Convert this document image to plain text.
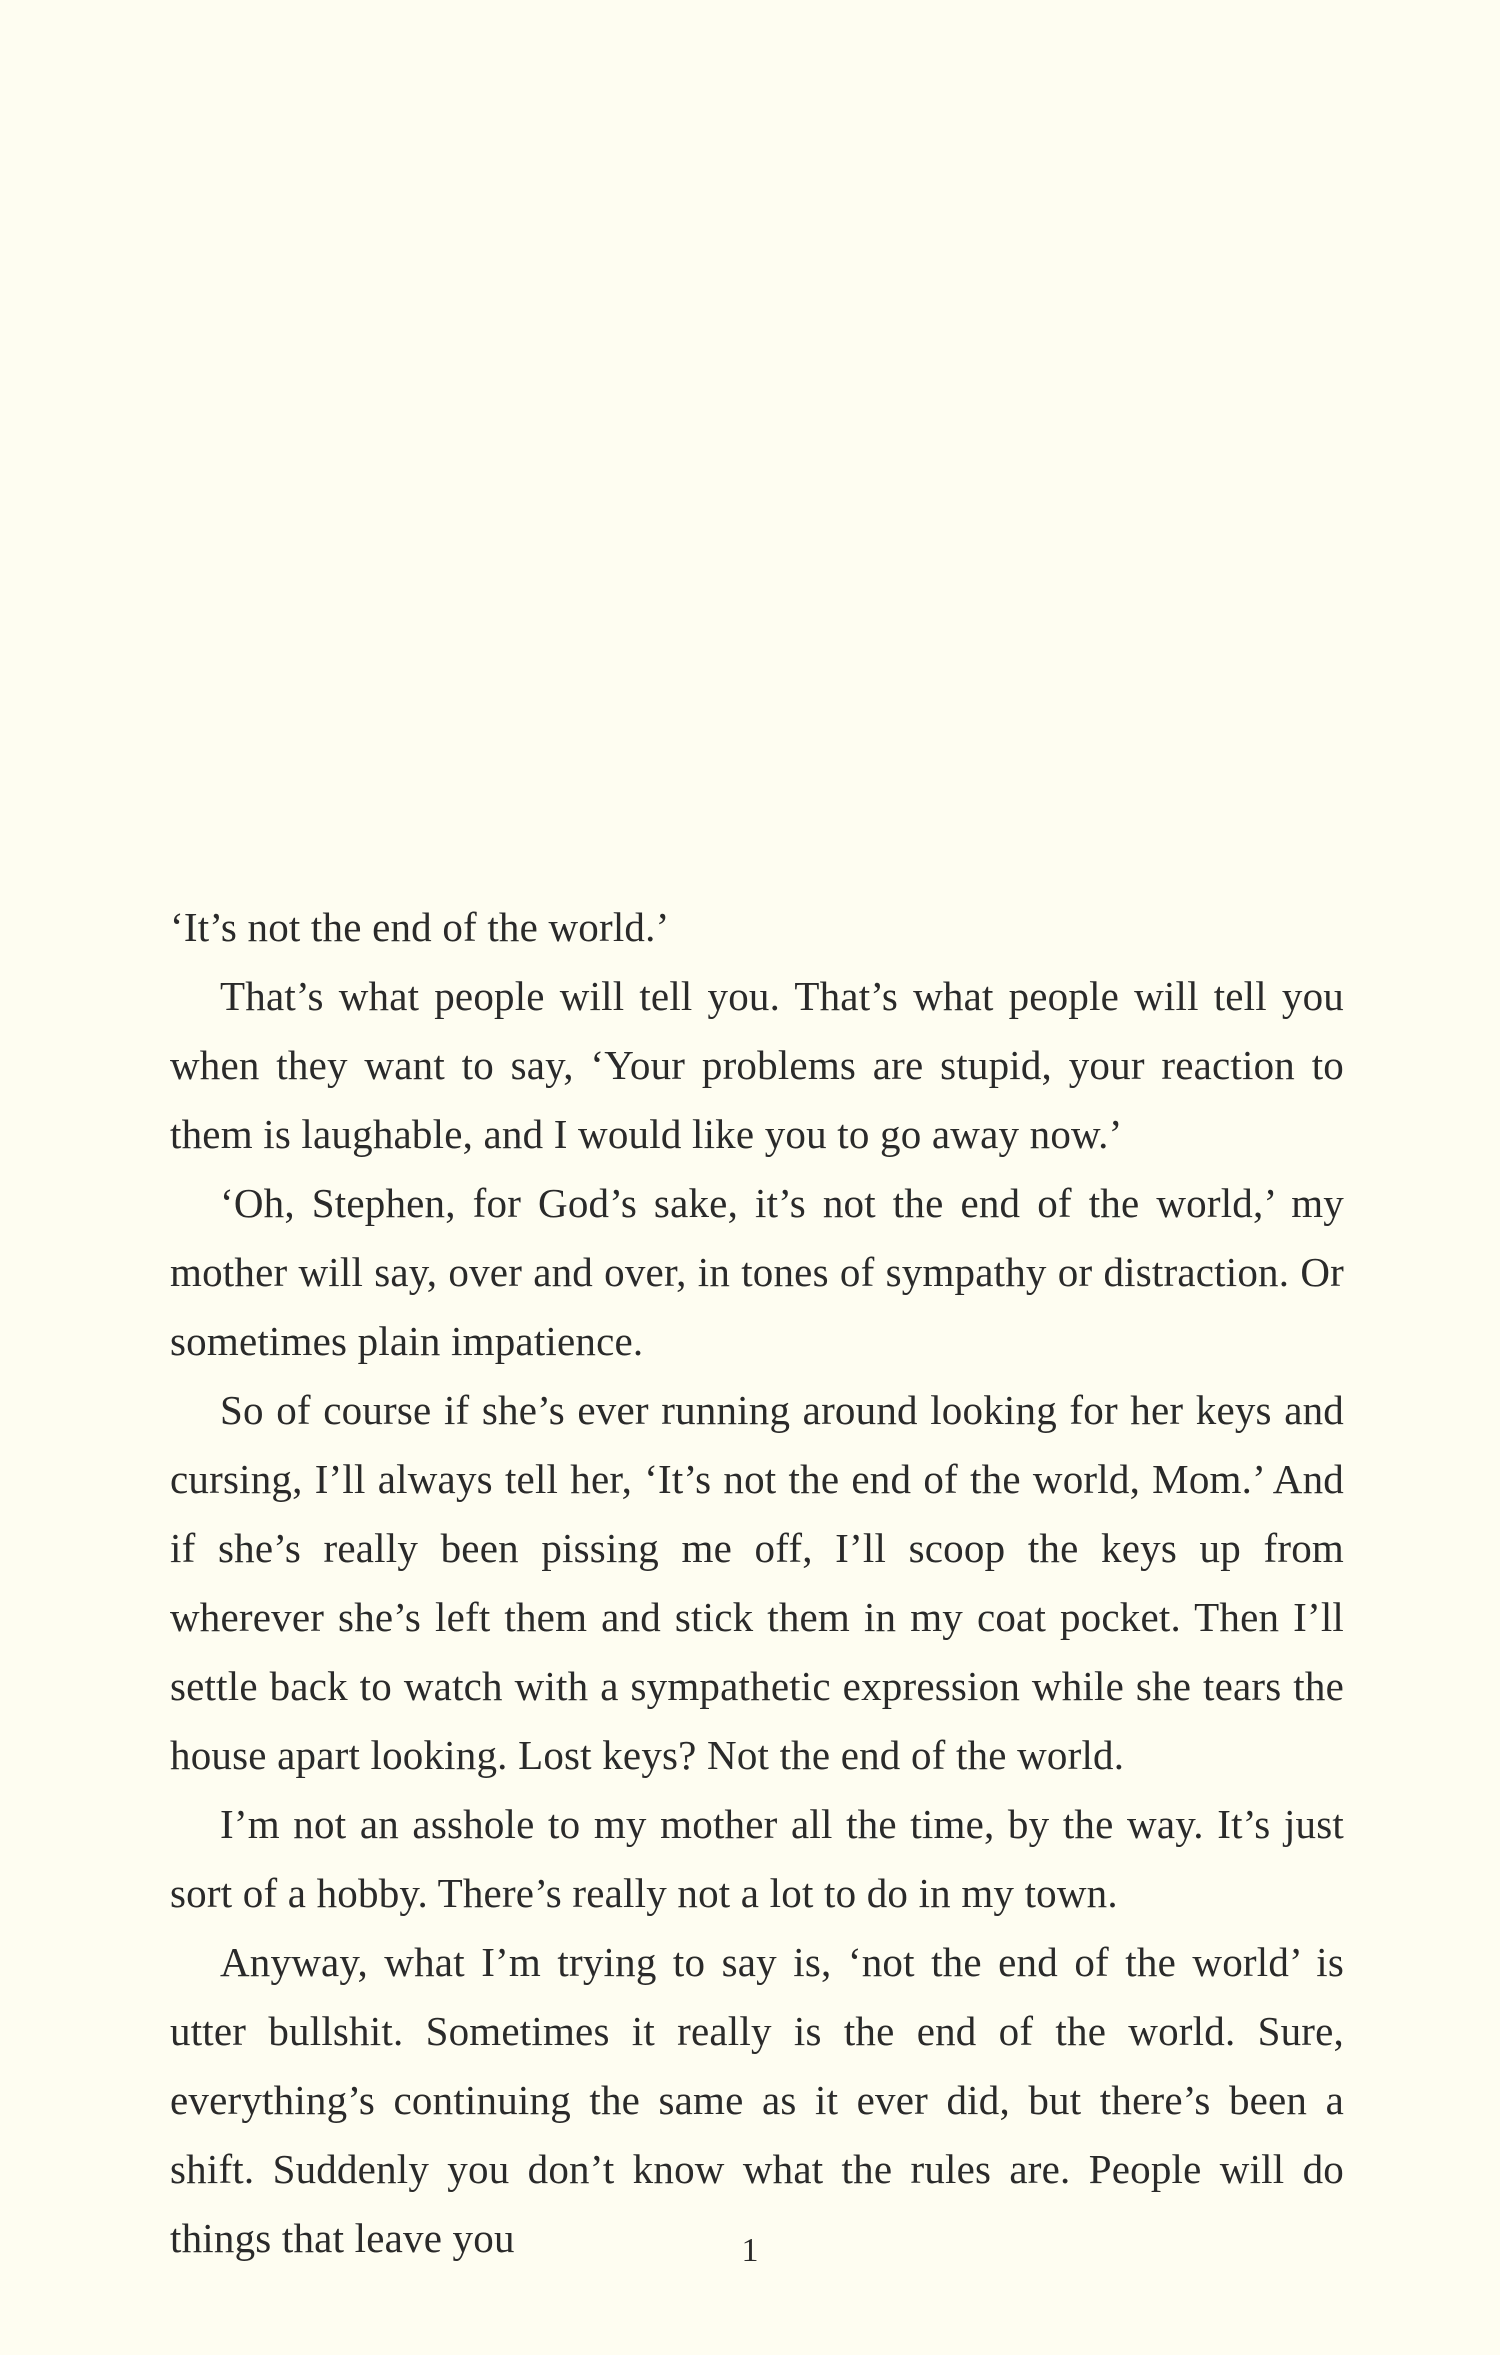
‘It’s not the end of the world.’

That’s what people will tell you. That’s what people will tell you when they want to say, ‘Your problems are stupid, your reaction to them is laughable, and I would like you to go away now.’

‘Oh, Stephen, for God’s sake, it’s not the end of the world,’ my mother will say, over and over, in tones of sympathy or distraction. Or sometimes plain impatience.

So of course if she’s ever running around looking for her keys and cursing, I’ll always tell her, ‘It’s not the end of the world, Mom.’ And if she’s really been pissing me off, I’ll scoop the keys up from wherever she’s left them and stick them in my coat pocket. Then I’ll settle back to watch with a sympathetic expression while she tears the house apart looking. Lost keys? Not the end of the world.

I’m not an asshole to my mother all the time, by the way. It’s just sort of a hobby. There’s really not a lot to do in my town.

Anyway, what I’m trying to say is, ‘not the end of the world’ is utter bullshit. Sometimes it really is the end of the world. Sure, everything’s continuing the same as it ever did, but there’s been a shift. Suddenly you don’t know what the rules are. People will do things that leave you	1
